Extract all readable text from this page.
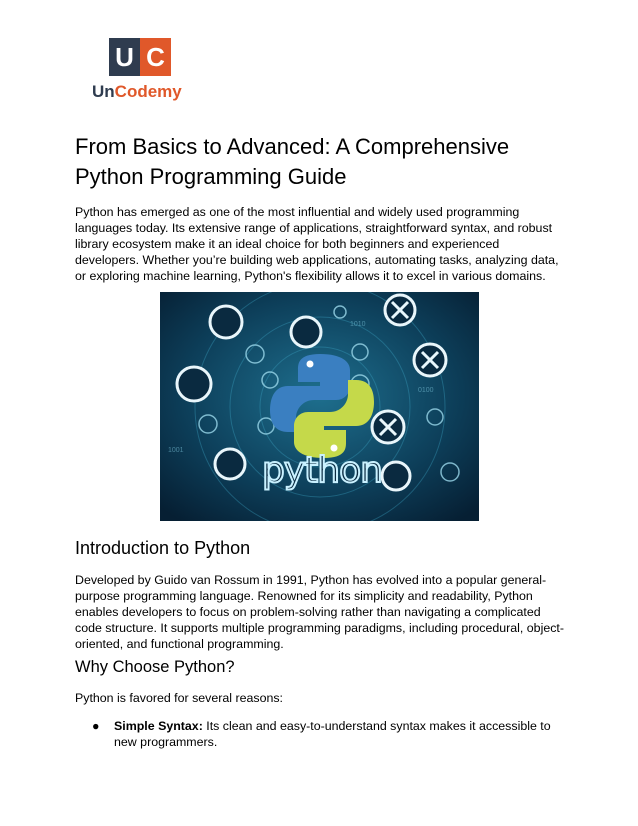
U C
UnCodemy
From Basics to Advanced: A Comprehensive Python Programming Guide

Python has emerged as one of the most influential and widely used programming languages today. Its extensive range of applications, straightforward syntax, and robust library ecosystem make it an ideal choice for both beginners and experienced developers. Whether you’re building web applications, automating tasks, analyzing data, or exploring machine learning, Python's flexibility allows it to excel in various domains.

1010
0100
1001 python
Introduction to Python

Developed by Guido van Rossum in 1991, Python has evolved into a popular general-purpose programming language. Renowned for its simplicity and readability, Python enables developers to focus on problem-solving rather than navigating a complicated code structure. It supports multiple programming paradigms, including procedural, object-oriented, and functional programming.

Why Choose Python?

Python is favored for several reasons:

● Simple Syntax: Its clean and easy-to-understand syntax makes it accessible to new programmers.
